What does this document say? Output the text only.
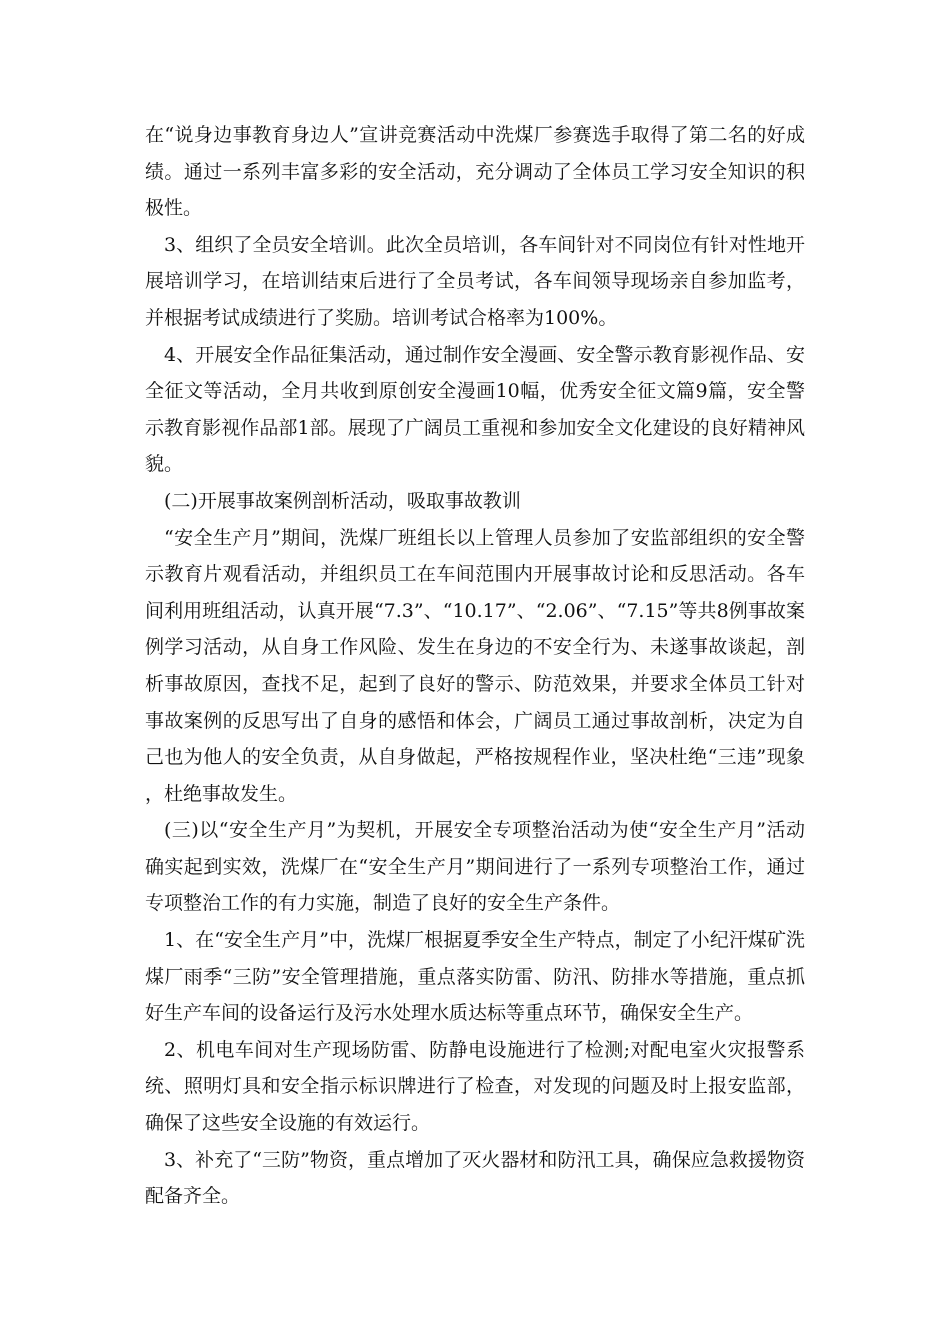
在“说身边事教育身边人”宣讲竞赛活动中洗煤厂参赛选手取得了第二名的好成绩。通过一系列丰富多彩的安全活动，充分调动了全体员工学习安全知识的积极性。

3、组织了全员安全培训。此次全员培训，各车间针对不同岗位有针对性地开展培训学习，在培训结束后进行了全员考试，各车间领导现场亲自参加监考，并根据考试成绩进行了奖励。培训考试合格率为100%。

4、开展安全作品征集活动，通过制作安全漫画、安全警示教育影视作品、安全征文等活动，全月共收到原创安全漫画10幅，优秀安全征文篇9篇，安全警示教育影视作品部1部。展现了广阔员工重视和参加安全文化建设的良好精神风貌。

(二)开展事故案例剖析活动，吸取事故教训

“安全生产月”期间，洗煤厂班组长以上管理人员参加了安监部组织的安全警示教育片观看活动，并组织员工在车间范围内开展事故讨论和反思活动。各车间利用班组活动，认真开展“7.3”、“10.17”、“2.06”、“7.15”等共8例事故案例学习活动，从自身工作风险、发生在身边的不安全行为、未遂事故谈起，剖析事故原因，查找不足，起到了良好的警示、防范效果，并要求全体员工针对事故案例的反思写出了自身的感悟和体会，广阔员工通过事故剖析，决定为自己也为他人的安全负责，从自身做起，严格按规程作业，坚决杜绝“三违”现象，杜绝事故发生。

(三)以“安全生产月”为契机，开展安全专项整治活动为使“安全生产月”活动确实起到实效，洗煤厂在“安全生产月”期间进行了一系列专项整治工作，通过专项整治工作的有力实施，制造了良好的安全生产条件。

1、在“安全生产月”中，洗煤厂根据夏季安全生产特点，制定了小纪汗煤矿洗煤厂雨季“三防”安全管理措施，重点落实防雷、防汛、防排水等措施，重点抓好生产车间的设备运行及污水处理水质达标等重点环节，确保安全生产。

2、机电车间对生产现场防雷、防静电设施进行了检测;对配电室火灾报警系统、照明灯具和安全指示标识牌进行了检查，对发现的问题及时上报安监部，确保了这些安全设施的有效运行。

3、补充了“三防”物资，重点增加了灭火器材和防汛工具，确保应急救援物资配备齐全。
